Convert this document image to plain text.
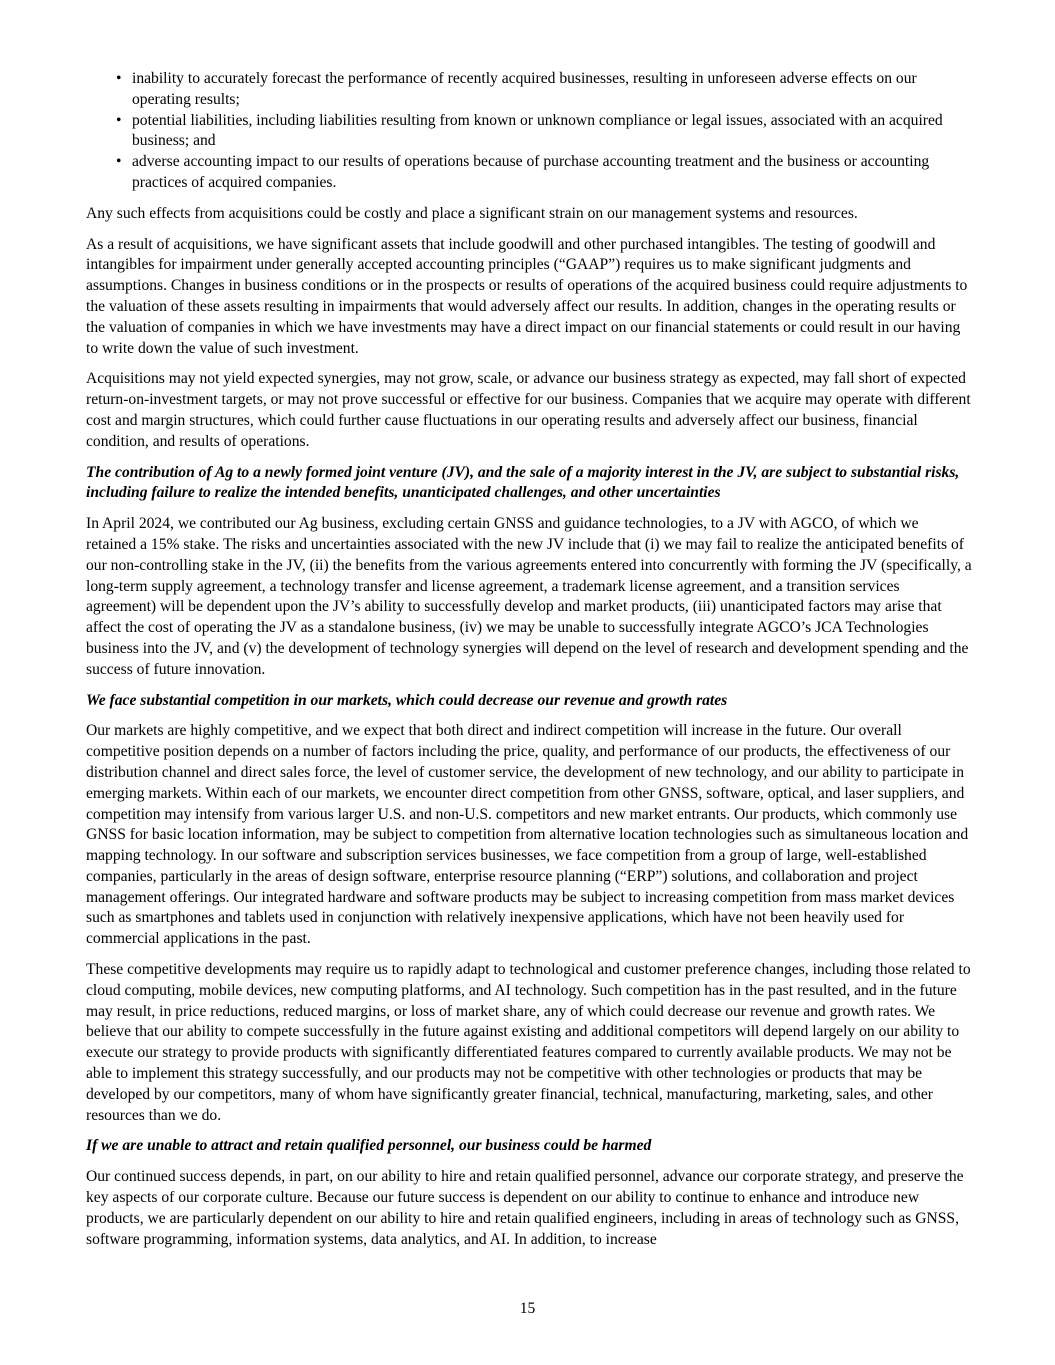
• inability to accurately forecast the performance of recently acquired businesses, resulting in unforeseen adverse effects on our operating results;
• potential liabilities, including liabilities resulting from known or unknown compliance or legal issues, associated with an acquired business; and
• adverse accounting impact to our results of operations because of purchase accounting treatment and the business or accounting practices of acquired companies.

Any such effects from acquisitions could be costly and place a significant strain on our management systems and resources.

As a result of acquisitions, we have significant assets that include goodwill and other purchased intangibles. The testing of goodwill and intangibles for impairment under generally accepted accounting principles (“GAAP”) requires us to make significant judgments and assumptions. Changes in business conditions or in the prospects or results of operations of the acquired business could require adjustments to the valuation of these assets resulting in impairments that would adversely affect our results. In addition, changes in the operating results or the valuation of companies in which we have investments may have a direct impact on our financial statements or could result in our having to write down the value of such investment.

Acquisitions may not yield expected synergies, may not grow, scale, or advance our business strategy as expected, may fall short of expected return-on-investment targets, or may not prove successful or effective for our business. Companies that we acquire may operate with different cost and margin structures, which could further cause fluctuations in our operating results and adversely affect our business, financial condition, and results of operations.

The contribution of Ag to a newly formed joint venture (JV), and the sale of a majority interest in the JV, are subject to substantial risks, including failure to realize the intended benefits, unanticipated challenges, and other uncertainties

In April 2024, we contributed our Ag business, excluding certain GNSS and guidance technologies, to a JV with AGCO, of which we retained a 15% stake. The risks and uncertainties associated with the new JV include that (i) we may fail to realize the anticipated benefits of our non-controlling stake in the JV, (ii) the benefits from the various agreements entered into concurrently with forming the JV (specifically, a long-term supply agreement, a technology transfer and license agreement, a trademark license agreement, and a transition services agreement) will be dependent upon the JV’s ability to successfully develop and market products, (iii) unanticipated factors may arise that affect the cost of operating the JV as a standalone business, (iv) we may be unable to successfully integrate AGCO’s JCA Technologies business into the JV, and (v) the development of technology synergies will depend on the level of research and development spending and the success of future innovation.

We face substantial competition in our markets, which could decrease our revenue and growth rates

Our markets are highly competitive, and we expect that both direct and indirect competition will increase in the future. Our overall competitive position depends on a number of factors including the price, quality, and performance of our products, the effectiveness of our distribution channel and direct sales force, the level of customer service, the development of new technology, and our ability to participate in emerging markets. Within each of our markets, we encounter direct competition from other GNSS, software, optical, and laser suppliers, and competition may intensify from various larger U.S. and non-U.S. competitors and new market entrants. Our products, which commonly use GNSS for basic location information, may be subject to competition from alternative location technologies such as simultaneous location and mapping technology. In our software and subscription services businesses, we face competition from a group of large, well-established companies, particularly in the areas of design software, enterprise resource planning (“ERP”) solutions, and collaboration and project management offerings. Our integrated hardware and software products may be subject to increasing competition from mass market devices such as smartphones and tablets used in conjunction with relatively inexpensive applications, which have not been heavily used for commercial applications in the past.

These competitive developments may require us to rapidly adapt to technological and customer preference changes, including those related to cloud computing, mobile devices, new computing platforms, and AI technology. Such competition has in the past resulted, and in the future may result, in price reductions, reduced margins, or loss of market share, any of which could decrease our revenue and growth rates. We believe that our ability to compete successfully in the future against existing and additional competitors will depend largely on our ability to execute our strategy to provide products with significantly differentiated features compared to currently available products. We may not be able to implement this strategy successfully, and our products may not be competitive with other technologies or products that may be developed by our competitors, many of whom have significantly greater financial, technical, manufacturing, marketing, sales, and other resources than we do.

If we are unable to attract and retain qualified personnel, our business could be harmed

Our continued success depends, in part, on our ability to hire and retain qualified personnel, advance our corporate strategy, and preserve the key aspects of our corporate culture. Because our future success is dependent on our ability to continue to enhance and introduce new products, we are particularly dependent on our ability to hire and retain qualified engineers, including in areas of technology such as GNSS, software programming, information systems, data analytics, and AI. In addition, to increase

15
